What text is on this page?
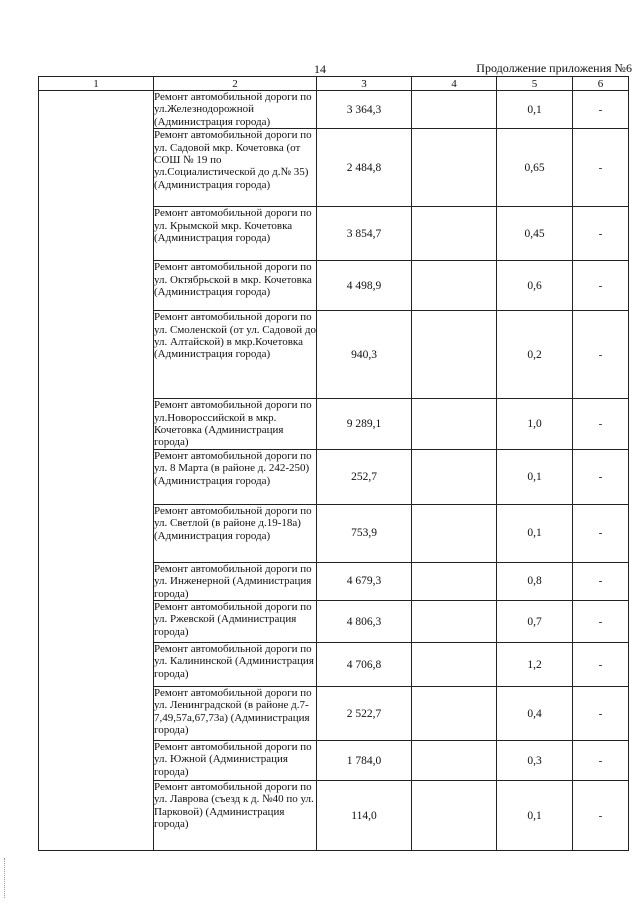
14	Продолжение приложения №6
1	2	3	4	5	6
	Ремонт автомобильной дороги по ул.Железнодорожной (Администрация города)	3 364,3		0,1	-
	Ремонт автомобильной дороги по ул. Садовой мкр. Кочетовка (от СОШ № 19 по ул.Социалистической до д.№ 35) (Администрация города)	2 484,8		0,65	-
	Ремонт автомобильной дороги по ул. Крымской мкр. Кочетовка (Администрация города)	3 854,7		0,45	-
	Ремонт автомобильной дороги по ул. Октябрьской в мкр. Кочетовка (Администрация города)	4 498,9		0,6	-
	Ремонт автомобильной дороги по ул. Смоленской (от ул. Садовой до ул. Алтайской) в мкр.Кочетовка (Администрация города)	940,3		0,2	-
	Ремонт автомобильной дороги по ул.Новороссийской в мкр. Кочетовка (Администрация города)	9 289,1		1,0	-
	Ремонт автомобильной дороги по ул. 8 Марта (в районе д. 242-250) (Администрация города)	252,7		0,1	-
	Ремонт автомобильной дороги по ул. Светлой (в районе д.19-18а) (Администрация города)	753,9		0,1	-
	Ремонт автомобильной дороги по ул. Инженерной (Администрация города)	4 679,3		0,8	-
	Ремонт автомобильной дороги по ул. Ржевской (Администрация города)	4 806,3		0,7	-
	Ремонт автомобильной дороги по ул. Калининской (Администрация города)	4 706,8		1,2	-
	Ремонт автомобильной дороги по ул. Ленинградской (в районе д.7-7,49,57а,67,73а) (Администрация города)	2 522,7		0,4	-
	Ремонт автомобильной дороги по ул. Южной (Администрация города)	1 784,0		0,3	-
	Ремонт автомобильной дороги по ул. Лаврова (съезд к д. №40 по ул. Парковой) (Администрация города)	114,0		0,1	-
